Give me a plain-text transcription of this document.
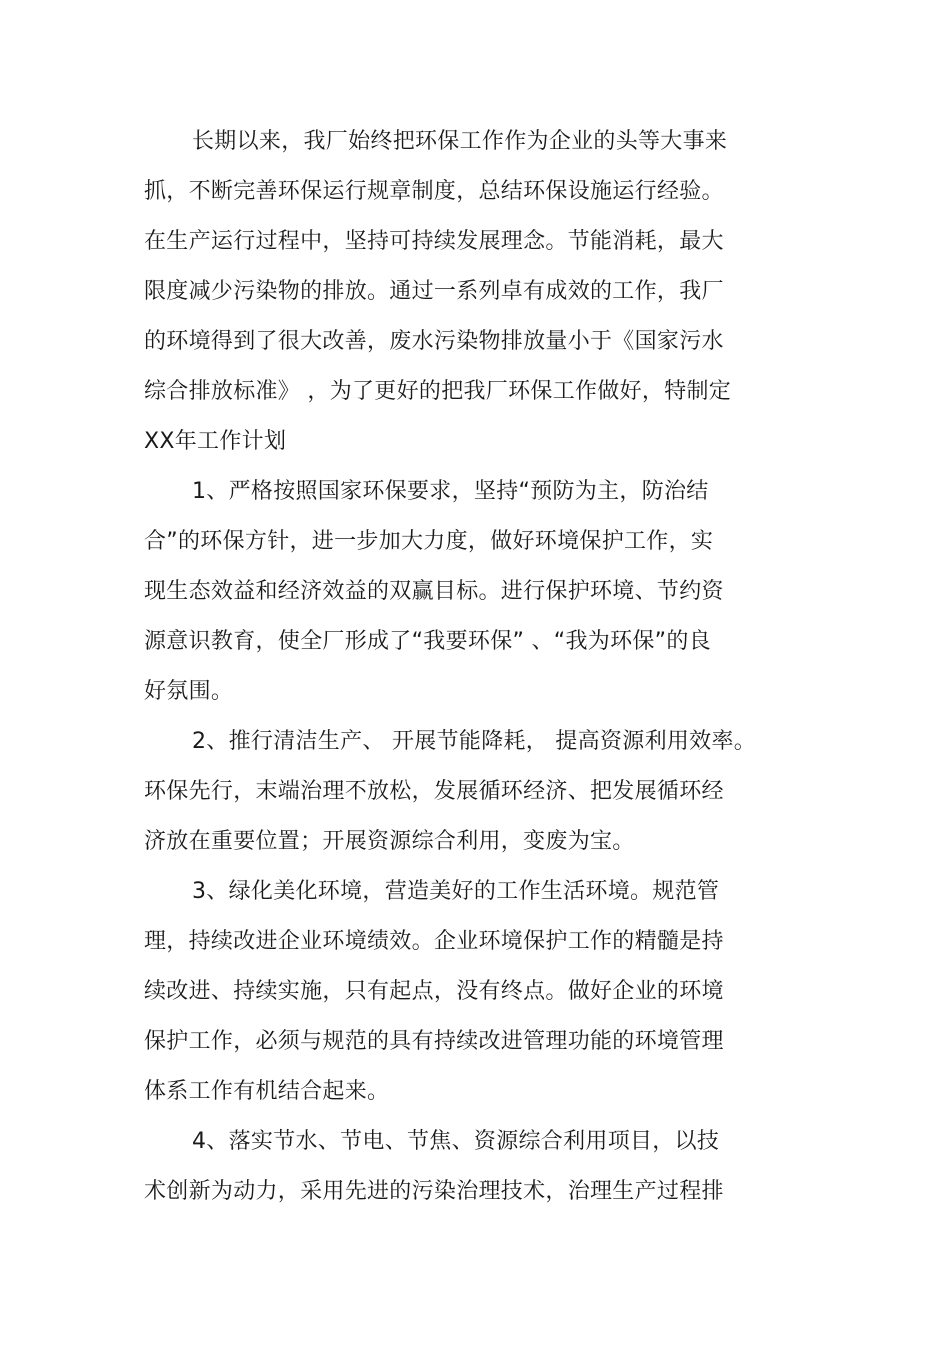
长期以来，我厂始终把环保工作作为企业的头等大事来
抓，不断完善环保运行规章制度，总结环保设施运行经验。
在生产运行过程中，坚持可持续发展理念。节能消耗，最大
限度减少污染物的排放。通过一系列卓有成效的工作，我厂
的环境得到了很大改善，废水污染物排放量小于《国家污水
综合排放标准》 ，为了更好的把我厂环保工作做好，特制定
XX年工作计划
1、严格按照国家环保要求，坚持“预防为主，防治结
合”的环保方针，进一步加大力度，做好环境保护工作，实
现生态效益和经济效益的双赢目标。进行保护环境、节约资
源意识教育，使全厂形成了“我要环保” 、“我为环保”的良
好氛围。
2、推行清洁生产、 开展节能降耗， 提高资源利用效率。
环保先行，末端治理不放松，发展循环经济、把发展循环经
济放在重要位置；开展资源综合利用，变废为宝。
3、绿化美化环境，营造美好的工作生活环境。规范管
理，持续改进企业环境绩效。企业环境保护工作的精髓是持
续改进、持续实施，只有起点，没有终点。做好企业的环境
保护工作，必须与规范的具有持续改进管理功能的环境管理
体系工作有机结合起来。
4、落实节水、节电、节焦、资源综合利用项目，以技
术创新为动力，采用先进的污染治理技术，治理生产过程排
